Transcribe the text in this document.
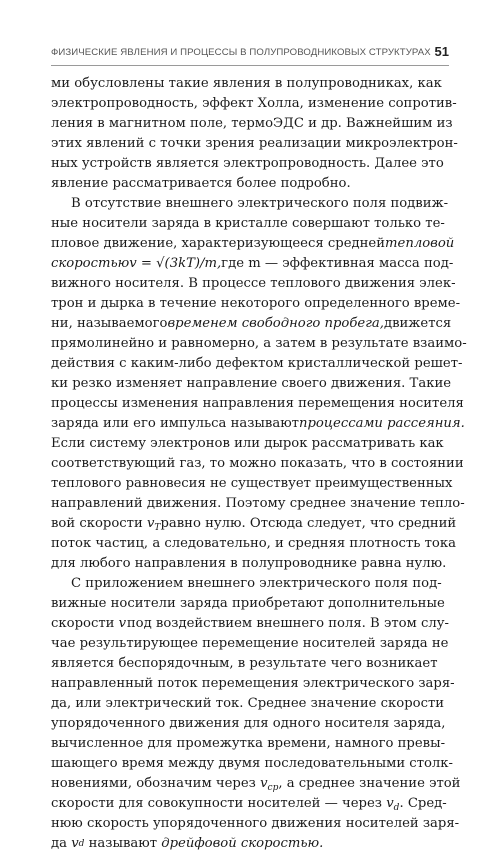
ФИЗИЧЕСКИЕ ЯВЛЕНИЯ И ПРОЦЕССЫ В ПОЛУПРОВОДНИКОВЫХ СТРУКТУРАХ 51
ми обусловлены такие явления в полупроводниках, как
электропроводность, эффект Холла, изменение сопротив-
ления в магнитном поле, термоЭДС и др. Важнейшим из
этих явлений с точки зрения реализации микроэлектрон-
ных устройств является электропроводность. Далее это
явление рассматривается более подробно.
В отсутствие внешнего электрического поля подвиж-
ные носители заряда в кристалле совершают только те-
пловое движение, характеризующееся средней тепловой
скоростью v = √(3kT)/m, где m — эффективная масса под-
вижного носителя. В процессе теплового движения элек-
трон и дырка в течение некоторого определенного време-
ни, называемого временем свободного пробега, движется
прямолинейно и равномерно, а затем в результате взаимо-
действия с каким-либо дефектом кристаллической решет-
ки резко изменяет направление своего движения. Такие
процессы изменения направления перемещения носителя
заряда или его импульса называют процессами рассеяния.
Если систему электронов или дырок рассматривать как
соответствующий газ, то можно показать, что в состоянии
теплового равновесия не существует преимущественных
направлений движения. Поэтому среднее значение тепло-
вой скорости $v_T$ равно нулю. Отсюда следует, что средний
поток частиц, а следовательно, и средняя плотность тока
для любого направления в полупроводнике равна нулю.
С приложением внешнего электрического поля под-
вижные носители заряда приобретают дополнительные
скорости v под воздействием внешнего поля. В этом слу-
чае результирующее перемещение носителей заряда не
является беспорядочным, в результате чего возникает
направленный поток перемещения электрического заря-
да, или электрический ток. Среднее значение скорости
упорядоченного движения для одного носителя заряда,
вычисленное для промежутка времени, намного превы-
шающего время между двумя последовательными столк-
новениями, обозначим через $v_{ср}$, а среднее значение этой
скорости для совокупности носителей — через $v_d$. Сред-
нюю скорость упорядоченного движения носителей заря-
да
v d
называют
дрейфовой скоростью.
